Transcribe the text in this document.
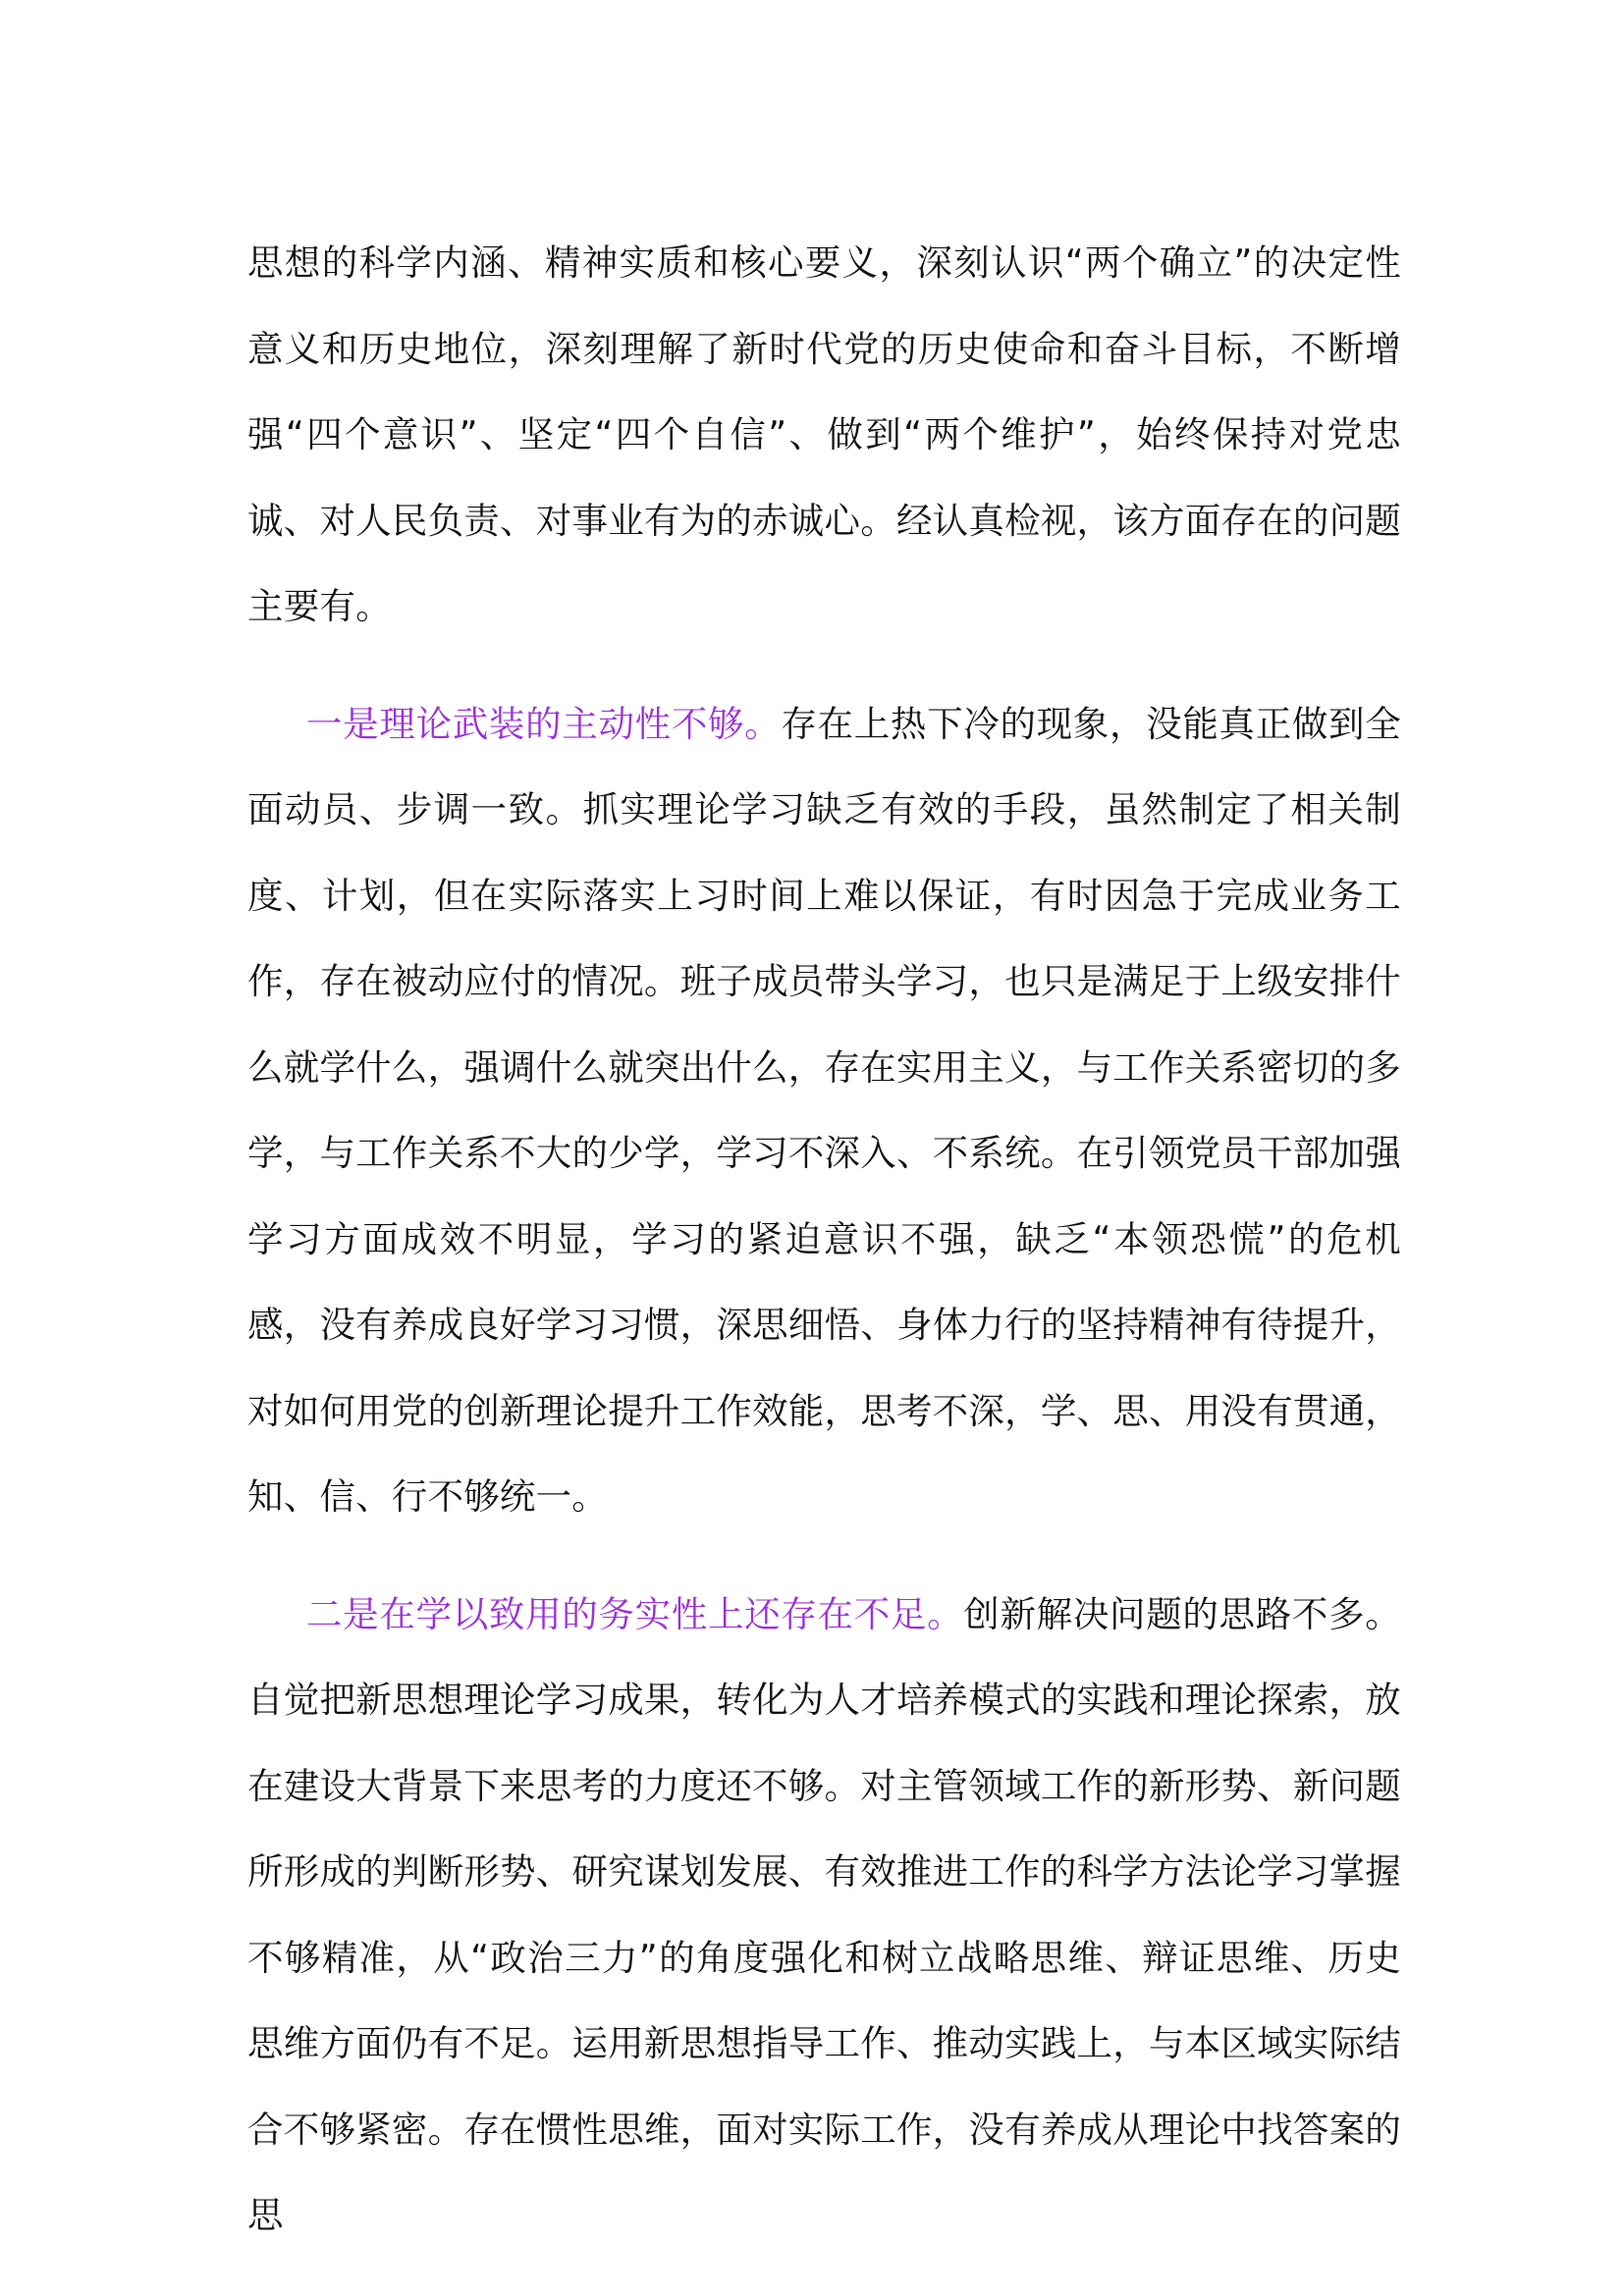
思想的科学内涵、精神实质和核心要义，深刻认识“两个确立”的决定性意义和历史地位，深刻理解了新时代党的历史使命和奋斗目标，不断增强“四个意识”、坚定“四个自信”、做到“两个维护”，始终保持对党忠诚、对人民负责、对事业有为的赤诚心。经认真检视，该方面存在的问题主要有。

一是理论武装的主动性不够。存在上热下冷的现象，没能真正做到全面动员、步调一致。抓实理论学习缺乏有效的手段，虽然制定了相关制度、计划，但在实际落实上习时间上难以保证，有时因急于完成业务工作，存在被动应付的情况。班子成员带头学习，也只是满足于上级安排什么就学什么，强调什么就突出什么，存在实用主义，与工作关系密切的多学，与工作关系不大的少学，学习不深入、不系统。在引领党员干部加强学习方面成效不明显，学习的紧迫意识不强，缺乏“本领恐慌”的危机感，没有养成良好学习习惯，深思细悟、身体力行的坚持精神有待提升，对如何用党的创新理论提升工作效能，思考不深，学、思、用没有贯通，知、信、行不够统一。

二是在学以致用的务实性上还存在不足。创新解决问题的思路不多。自觉把新思想理论学习成果，转化为人才培养模式的实践和理论探索，放在建设大背景下来思考的力度还不够。对主管领域工作的新形势、新问题所形成的判断形势、研究谋划发展、有效推进工作的科学方法论学习掌握不够精准，从“政治三力”的角度强化和树立战略思维、辩证思维、历史思维方面仍有不足。运用新思想指导工作、推动实践上，与本区域实际结合不够紧密。存在惯性思维，面对实际工作，没有养成从理论中找答案的思
